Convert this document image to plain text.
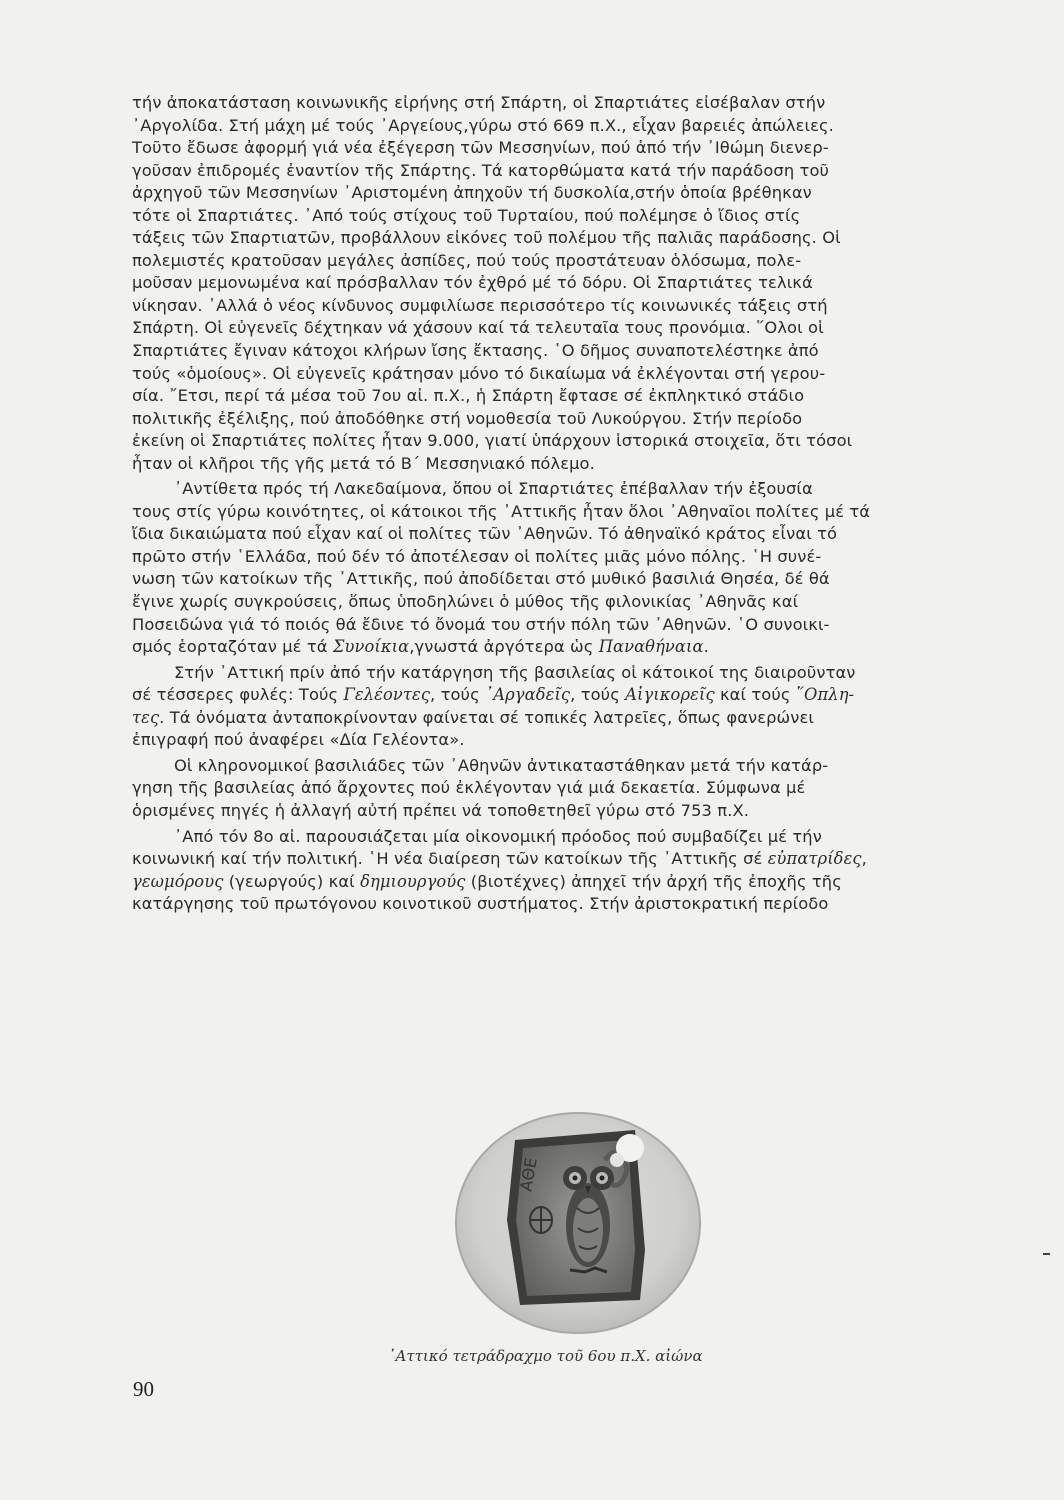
τήν ἀποκατάσταση κοινωνικῆς εἰρήνης στή Σπάρτη, οἱ Σπαρτιάτες εἰσέβαλαν στήν
᾿Αργολίδα. Στή μάχη μέ τούς ᾿Αργείους,γύρω στό 669 π.Χ., εἶχαν βαρειές ἀπώλειες.
Τοῦτο ἔδωσε ἀφορμή γιά νέα ἐξέγερση τῶν Μεσσηνίων, πού ἀπό τήν ᾿Ιθώμη διενερ-
γοῦσαν ἐπιδρομές ἐναντίον τῆς Σπάρτης. Τά κατορθώματα κατά τήν παράδοση τοῦ
ἀρχηγοῦ τῶν Μεσσηνίων ᾿Αριστομένη ἀπηχοῦν τή δυσκολία,στήν ὁποία βρέθηκαν
τότε οἱ Σπαρτιάτες. ᾿Από τούς στίχους τοῦ Τυρταίου, πού πολέμησε ὁ ἴδιος στίς
τάξεις τῶν Σπαρτιατῶν, προβάλλουν εἰκόνες τοῦ πολέμου τῆς παλιᾶς παράδοσης. Οἱ
πολεμιστές κρατοῦσαν μεγάλες ἀσπίδες, πού τούς προστάτευαν ὁλόσωμα, πολε-
μοῦσαν μεμονωμένα καί πρόσβαλλαν τόν ἐχθρό μέ τό δόρυ. Οἱ Σπαρτιάτες τελικά
νίκησαν. ᾿Αλλά ὁ νέος κίνδυνος συμφιλίωσε περισσότερο τίς κοινωνικές τάξεις στή
Σπάρτη. Οἱ εὐγενεῖς δέχτηκαν νά χάσουν καί τά τελευταῖα τους προνόμια. ῞Ολοι οἱ
Σπαρτιάτες ἔγιναν κάτοχοι κλήρων ἴσης ἔκτασης. ῾Ο δῆμος συναποτελέστηκε ἀπό
τούς «ὁμοίους». Οἱ εὐγενεῖς κράτησαν μόνο τό δικαίωμα νά ἐκλέγονται στή γερου-
σία. ῎Ετσι, περί τά μέσα τοῦ 7ου αἰ. π.Χ., ἡ Σπάρτη ἔφτασε σέ ἐκπληκτικό στάδιο
πολιτικῆς ἐξέλιξης, πού ἀποδόθηκε στή νομοθεσία τοῦ Λυκούργου. Στήν περίοδο
ἐκείνη οἱ Σπαρτιάτες πολίτες ἦταν 9.000, γιατί ὑπάρχουν ἱστορικά στοιχεῖα, ὅτι τόσοι
ἦταν οἱ κλῆροι τῆς γῆς μετά τό Β´ Μεσσηνιακό πόλεμο.
᾿Αντίθετα πρός τή Λακεδαίμονα, ὅπου οἱ Σπαρτιάτες ἐπέβαλλαν τήν ἐξουσία
τους στίς γύρω κοινότητες, οἱ κάτοικοι τῆς ᾿Αττικῆς ἦταν ὅλοι ᾿Αθηναῖοι πολίτες μέ τά
ἴδια δικαιώματα πού εἶχαν καί οἱ πολίτες τῶν ᾿Αθηνῶν. Τό ἀθηναϊκό κράτος εἶναι τό
πρῶτο στήν ῾Ελλάδα, πού δέν τό ἀποτέλεσαν οἱ πολίτες μιᾶς μόνο πόλης. ῾Η συνέ-
νωση τῶν κατοίκων τῆς ᾿Αττικῆς, πού ἀποδίδεται στό μυθικό βασιλιά Θησέα, δέ θά
ἔγινε χωρίς συγκρούσεις, ὅπως ὑποδηλώνει ὁ μύθος τῆς φιλονικίας ᾿Αθηνᾶς καί
Ποσειδώνα γιά τό ποιός θά ἔδινε τό ὄνομά του στήν πόλη τῶν ᾿Αθηνῶν. ῾Ο συνοικι-
σμός ἑορταζόταν μέ τά Συνοίκια,γνωστά ἀργότερα ὡς Παναθήναια.
Στήν ᾿Αττική πρίν ἀπό τήν κατάργηση τῆς βασιλείας οἱ κάτοικοί της διαιροῦνταν
σέ τέσσερες φυλές: Τούς Γελέοντες, τούς ᾿Αργαδεῖς, τούς Αἰγικορεῖς καί τούς ῞Οπλη-
τες. Τά ὀνόματα ἀνταποκρίνονταν φαίνεται σέ τοπικές λατρεῖες, ὅπως φανερώνει
ἐπιγραφή πού ἀναφέρει «Δία Γελέοντα».
Οἱ κληρονομικοί βασιλιάδες τῶν ᾿Αθηνῶν ἀντικαταστάθηκαν μετά τήν κατάρ-
γηση τῆς βασιλείας ἀπό ἄρχοντες πού ἐκλέγονταν γιά μιά δεκαετία. Σύμφωνα μέ
ὁρισμένες πηγές ἡ ἀλλαγή αὐτή πρέπει νά τοποθετηθεῖ γύρω στό 753 π.Χ.
᾿Από τόν 8ο αἰ. παρουσιάζεται μία οἰκονομική πρόοδος πού συμβαδίζει μέ τήν
κοινωνική καί τήν πολιτική. ῾Η νέα διαίρεση τῶν κατοίκων τῆς ᾿Αττικῆς σέ εὐπατρίδες,
γεωμόρους (γεωργούς) καί δημιουργούς (βιοτέχνες) ἀπηχεῖ τήν ἀρχή τῆς ἐποχῆς τῆς
κατάργησης τοῦ πρωτόγονου κοινοτικοῦ συστήματος. Στήν ἀριστοκρατική περίοδο
ΑΘΕ
᾿Αττικό τετράδραχμο τοῦ 6ου π.Χ. αἰώνα
90
